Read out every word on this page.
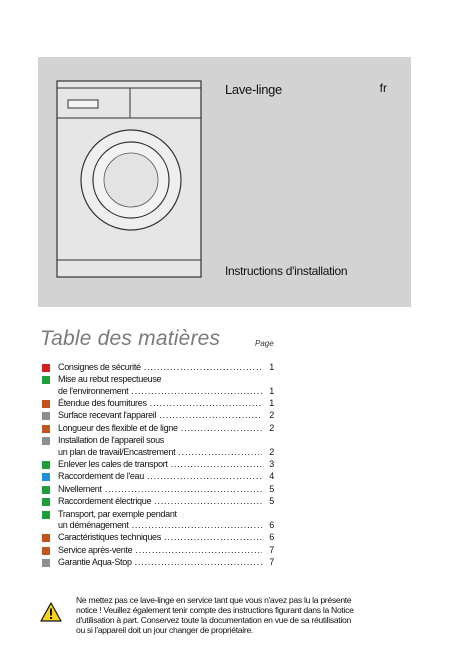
Lave-linge	fr
Instructions d'installation
Table des matières	Page
Consignes de sécurité .....	1
Mise au rebut respectueuse
de l'environnement .....	1
Étendue des fournitures .....	1
Surface recevant l'appareil .....	2
Longueur des flexible et de ligne .....	2
Installation de l'appareil sous
un plan de travail/Encastrement .....	2
Enlever les cales de transport .....	3
Raccordement de l'eau .....	4
Nivellement .....	5
Raccordement électrique .....	5
Transport, par exemple pendant
un déménagement .....	6
Caractéristiques techniques .....	6
Service après-vente .....	7
Garantie Aqua-Stop .....	7
Ne mettez pas ce lave-linge en service tant que vous n'avez pas lu la présente
notice ! Veuillez également tenir compte des instructions figurant dans la Notice
d'utilisation à part. Conservez toute la documentation en vue de sa réutilisation
ou si l'appareil doit un jour changer de propriétaire.
